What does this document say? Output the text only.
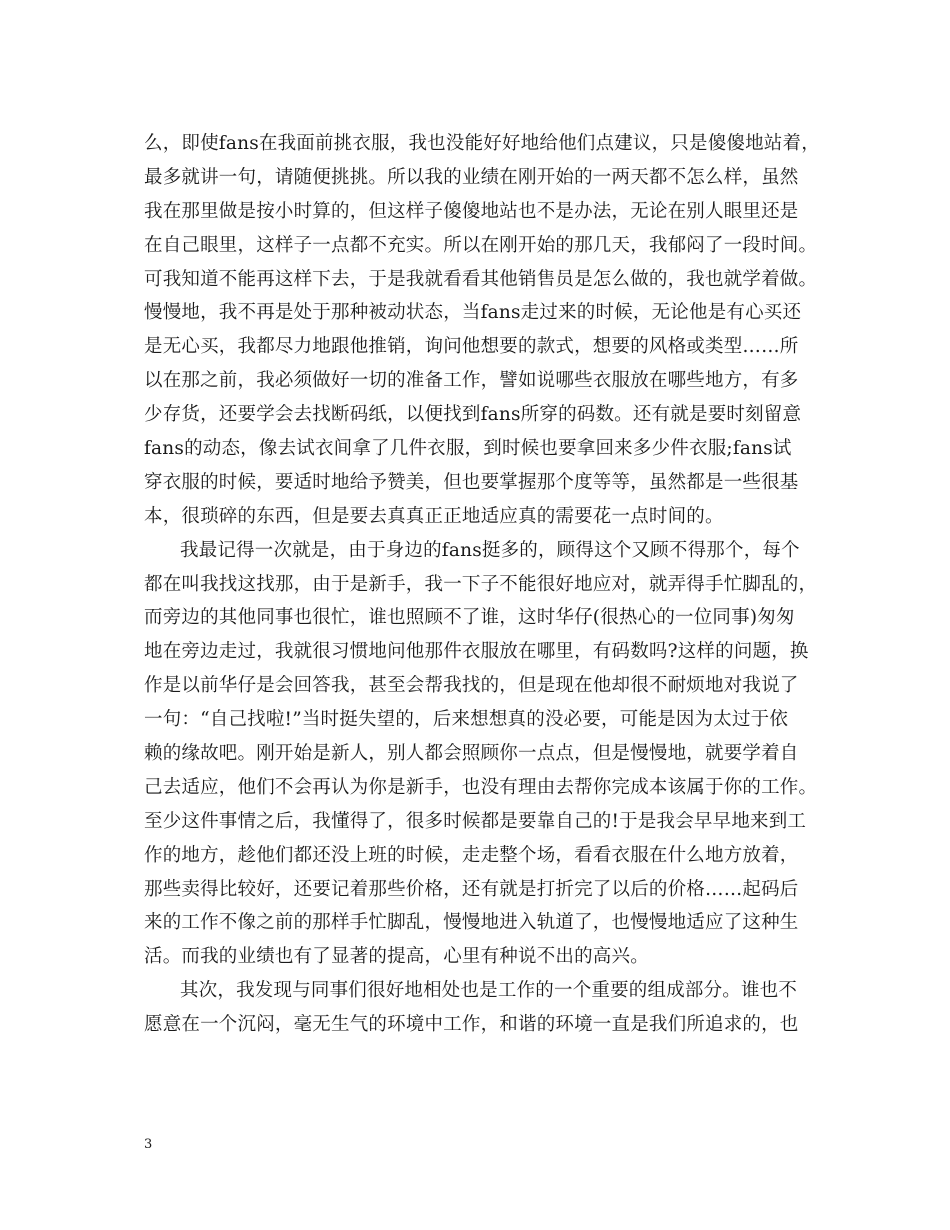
么，即使fans在我面前挑衣服，我也没能好好地给他们点建议，只是傻傻地站着，
最多就讲一句，请随便挑挑。所以我的业绩在刚开始的一两天都不怎么样，虽然
我在那里做是按小时算的，但这样子傻傻地站也不是办法，无论在别人眼里还是
在自己眼里，这样子一点都不充实。所以在刚开始的那几天，我郁闷了一段时间。
可我知道不能再这样下去，于是我就看看其他销售员是怎么做的，我也就学着做。
慢慢地，我不再是处于那种被动状态，当fans走过来的时候，无论他是有心买还
是无心买，我都尽力地跟他推销，询问他想要的款式，想要的风格或类型……所
以在那之前，我必须做好一切的准备工作，譬如说哪些衣服放在哪些地方，有多
少存货，还要学会去找断码纸，以便找到fans所穿的码数。还有就是要时刻留意
fans的动态，像去试衣间拿了几件衣服，到时候也要拿回来多少件衣服;fans试
穿衣服的时候，要适时地给予赞美，但也要掌握那个度等等，虽然都是一些很基
本，很琐碎的东西，但是要去真真正正地适应真的需要花一点时间的。
我最记得一次就是，由于身边的fans挺多的，顾得这个又顾不得那个，每个
都在叫我找这找那，由于是新手，我一下子不能很好地应对，就弄得手忙脚乱的，
而旁边的其他同事也很忙，谁也照顾不了谁，这时华仔(很热心的一位同事)匆匆
地在旁边走过，我就很习惯地问他那件衣服放在哪里，有码数吗?这样的问题，换
作是以前华仔是会回答我，甚至会帮我找的，但是现在他却很不耐烦地对我说了
一句：“自己找啦!”当时挺失望的，后来想想真的没必要，可能是因为太过于依
赖的缘故吧。刚开始是新人，别人都会照顾你一点点，但是慢慢地，就要学着自
己去适应，他们不会再认为你是新手，也没有理由去帮你完成本该属于你的工作。
至少这件事情之后，我懂得了，很多时候都是要靠自己的!于是我会早早地来到工
作的地方，趁他们都还没上班的时候，走走整个场，看看衣服在什么地方放着，
那些卖得比较好，还要记着那些价格，还有就是打折完了以后的价格……起码后
来的工作不像之前的那样手忙脚乱，慢慢地进入轨道了，也慢慢地适应了这种生
活。而我的业绩也有了显著的提高，心里有种说不出的高兴。
其次，我发现与同事们很好地相处也是工作的一个重要的组成部分。谁也不
愿意在一个沉闷，毫无生气的环境中工作，和谐的环境一直是我们所追求的，也
3
